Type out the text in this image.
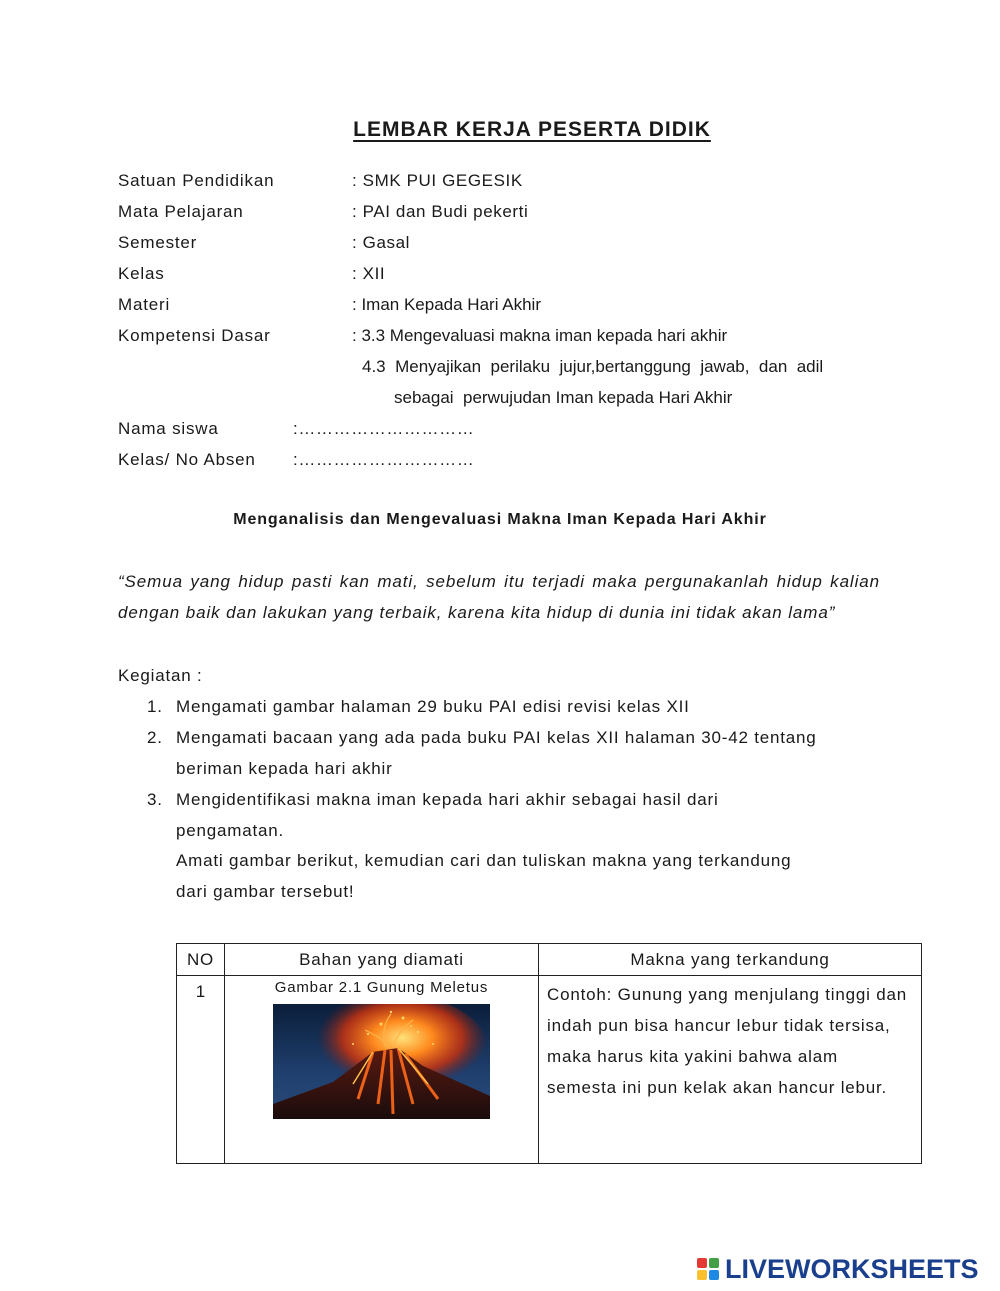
LEMBAR KERJA PESERTA DIDIK
Satuan Pendidikan	: SMK PUI GEGESIK
Mata Pelajaran	: PAI dan Budi pekerti
Semester	: Gasal
Kelas	: XII
Materi	: Iman Kepada Hari Akhir
Kompetensi Dasar	: 3.3 Mengevaluasi makna iman kepada hari akhir
4.3  Menyajikan  perilaku  jujur,bertanggung  jawab,  dan  adil
sebagai  perwujudan Iman kepada Hari Akhir
Nama siswa	:…………………………
Kelas/ No Absen :…………………………
Menganalisis dan Mengevaluasi Makna Iman Kepada Hari Akhir
“Semua yang hidup pasti kan mati, sebelum itu terjadi maka pergunakanlah hidup kalian dengan baik dan lakukan yang terbaik, karena kita hidup di dunia ini tidak akan lama”
Kegiatan :
1. Mengamati gambar halaman 29 buku PAI edisi revisi kelas XII
2. Mengamati bacaan yang ada pada buku PAI kelas XII halaman 30-42 tentang
beriman kepada hari akhir
3. Mengidentifikasi makna iman kepada hari akhir sebagai hasil dari
pengamatan.
Amati gambar berikut, kemudian cari dan tuliskan makna yang terkandung
dari gambar tersebut!
NO	Bahan yang diamati	Makna yang terkandung
1	Gambar 2.1 Gunung Meletus	Contoh: Gunung yang menjulang tinggi dan indah pun bisa hancur lebur tidak tersisa, maka harus kita yakini bahwa alam semesta ini pun kelak akan hancur lebur.
LIVEWORKSHEETS
